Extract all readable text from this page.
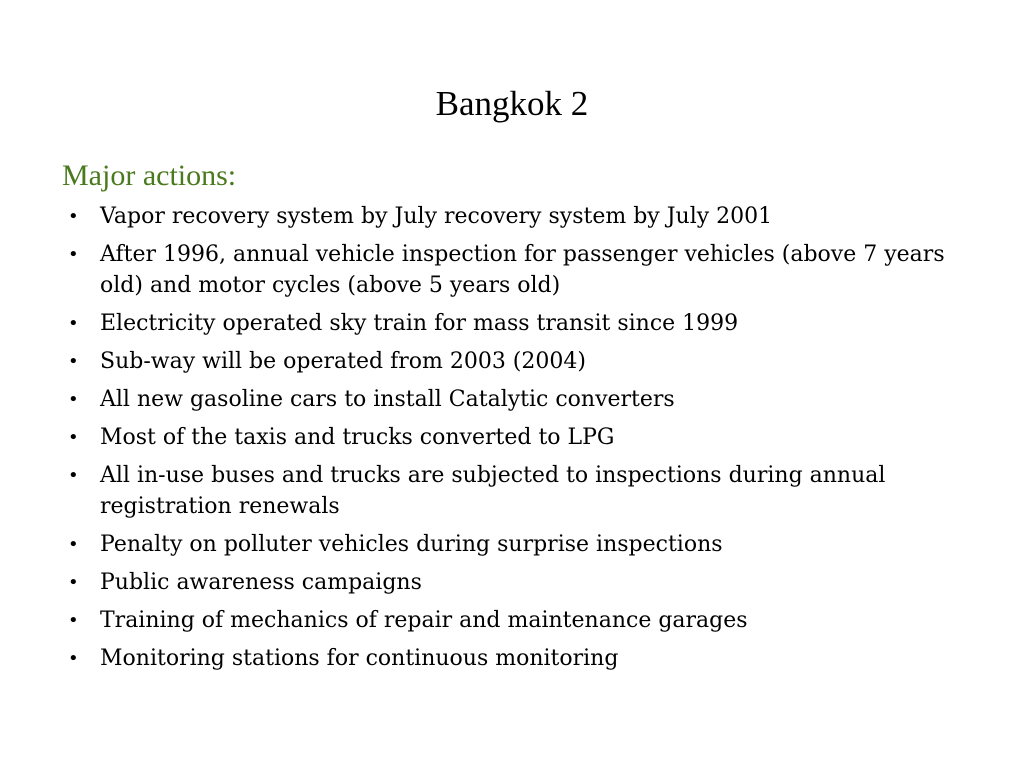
Bangkok 2
Major actions:
• Vapor recovery system by July recovery system by July 2001
• After 1996, annual vehicle inspection for passenger vehicles (above 7 years old) and motor cycles (above 5 years old)
• Electricity operated sky train for mass transit since 1999
• Sub-way will be operated from 2003 (2004)
• All new gasoline cars to install Catalytic converters
• Most of the taxis and trucks converted to LPG
• All in-use buses and trucks are subjected to inspections during annual registration renewals
• Penalty on polluter vehicles during surprise inspections
• Public awareness campaigns
• Training of mechanics of repair and maintenance garages
• Monitoring stations for continuous monitoring
